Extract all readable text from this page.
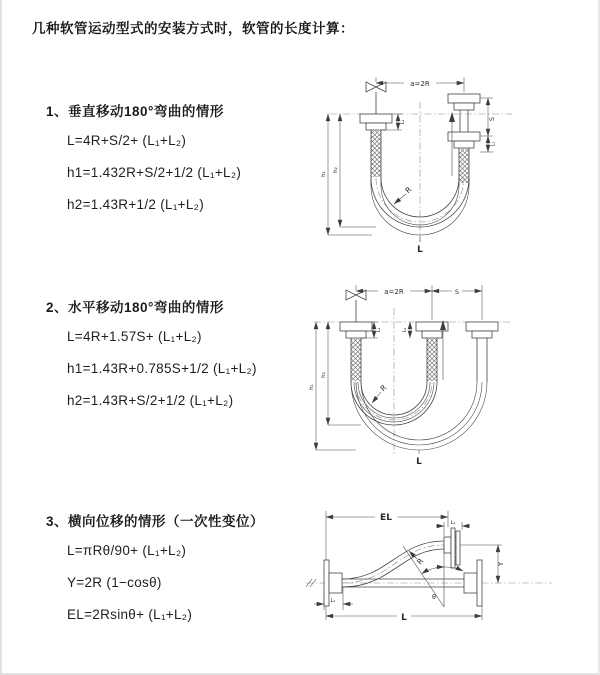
几种软管运动型式的安装方式时，软管的长度计算：
1、垂直移动180°弯曲的情形
L=4R+S/2+ (L₁+L₂)
h1=1.432R+S/2+1/2 (L₁+L₂)
h2=1.43R+1/2 (L₁+L₂)
2、水平移动180°弯曲的情形
L=4R+1.57S+ (L₁+L₂)
h1=1.43R+0.785S+1/2 (L₁+L₂)
h2=1.43R+S/2+1/2 (L₁+L₂)
3、横向位移的情形（一次性变位）
L=πRθ/90+ (L₁+L₂)
Y=2R (1−cosθ)
EL=2Rsinθ+ (L₁+L₂)
a=2R
S
L₂
L₁
h₁
h₂
R
L
a=2R	S
L₁	L₂
h₁
h₂
R
L
θ
R
EL	L₂
Y
L₁
L
